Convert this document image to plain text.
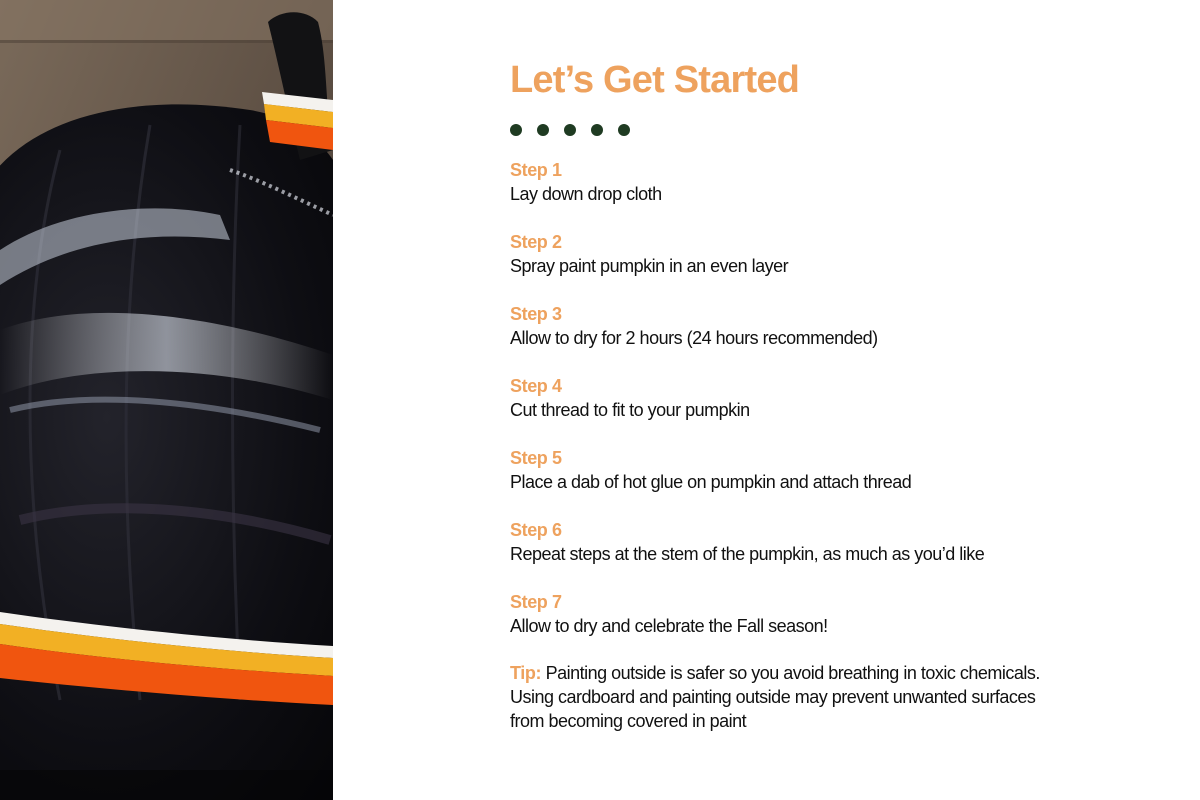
Let’s Get Started
Step 1
Lay down drop cloth
Step 2
Spray paint pumpkin in an even layer
Step 3
Allow to dry for 2 hours (24 hours recommended)
Step 4
Cut thread to fit to your pumpkin
Step 5
Place a dab of hot glue on pumpkin and attach thread
Step 6
Repeat steps at the stem of the pumpkin, as much as you’d like
Step 7
Allow to dry and celebrate the Fall season!
Tip: Painting outside is safer so you avoid breathing in toxic chemicals. Using cardboard and painting outside may prevent unwanted surfaces from becoming covered in paint
